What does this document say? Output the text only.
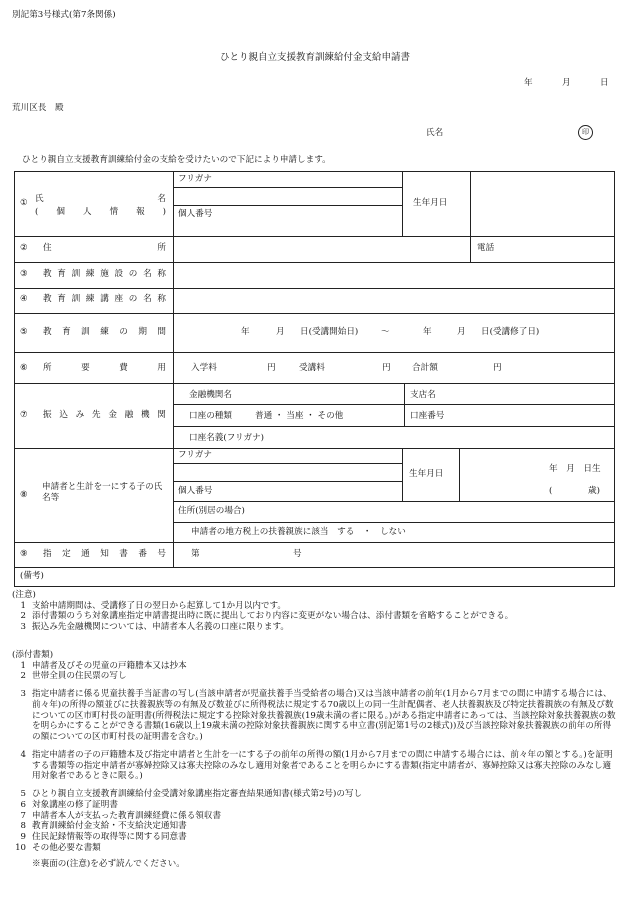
別記第3号様式(第7条関係)
ひとり親自立支援教育訓練給付金支給申請書
年	月	日
荒川区長　殿
氏名	印
ひとり親自立支援教育訓練給付金の支給を受けたいので下記により申請します。
① 氏	名
( 個 人 情 報 )
フリガナ
個人番号
生年月日
② 住	所	電話
③ 教 育 訓 練 施 設 の 名 称
④ 教 育 訓 練 講 座 の 名 称
⑤ 教 育 訓 練 の 期 間	年	月 日(受講開始日)	～	年	月 日(受講修了日)
⑥ 所	要	費	用	入学料	円	受講料	円 合計額	円
⑦ 振 込 み 先 金 融 機 関
金融機関名	支店名
口座の種類	普通 ・ 当座 ・ その他	口座番号
口座名義(フリガナ)
⑧
申請者と生計を一にする子の氏名等
フリガナ
個人番号
生年月日	年　月　日生
(	歳)
住所(別居の場合)
申請者の地方税上の扶養親族に該当　する　・　しない
⑨ 指 定 通 知 書 番 号	第	号
(備考)
(注意)
1 支給申請期間は、受講修了日の翌日から起算して1か月以内です。
2 添付書類のうち対象講座指定申請書提出時に既に提出しており内容に変更がない場合は、添付書類を省略することができる。
3 振込み先金融機関については、申請者本人名義の口座に限ります。
(添付書類)
1 申請者及びその児童の戸籍謄本又は抄本
2 世帯全員の住民票の写し
3 指定申請者に係る児童扶養手当証書の写し(当該申請者が児童扶養手当受給者の場合)又は当該申請者の前年(1月から7月までの間に申請する場合には、前々年)の所得の額並びに扶養親族等の有無及び数並びに所得税法に規定する70歳以上の同一生計配偶者、老人扶養親族及び特定扶養親族の有無及び数についての区市町村長の証明書(所得税法に規定する控除対象扶養親族(19歳未満の者に限る。)がある指定申請者にあっては、当該控除対象扶養親族の数を明らかにすることができる書類(16歳以上19歳未満の控除対象扶養親族に関する申立書(別記第1号の2様式))及び当該控除対象扶養親族の前年の所得の額についての区市町村長の証明書を含む。)
4 指定申請者の子の戸籍謄本及び指定申請者と生計を一にする子の前年の所得の額(1月から7月までの間に申請する場合には、前々年の額とする。)を証明する書類等の指定申請者が寡婦控除又は寡夫控除のみなし適用対象者であることを明らかにする書類(指定申請者が、寡婦控除又は寡夫控除のみなし適用対象者であるときに限る。)
5 ひとり親自立支援教育訓練給付金受講対象講座指定審査結果通知書(様式第2号)の写し
6 対象講座の修了証明書
7 申請者本人が支払った教育訓練経費に係る領収書
8 教育訓練給付金支給・不支給決定通知書
9 住民記録情報等の取得等に関する同意書
10 その他必要な書類
※裏面の(注意)を必ず読んでください。
